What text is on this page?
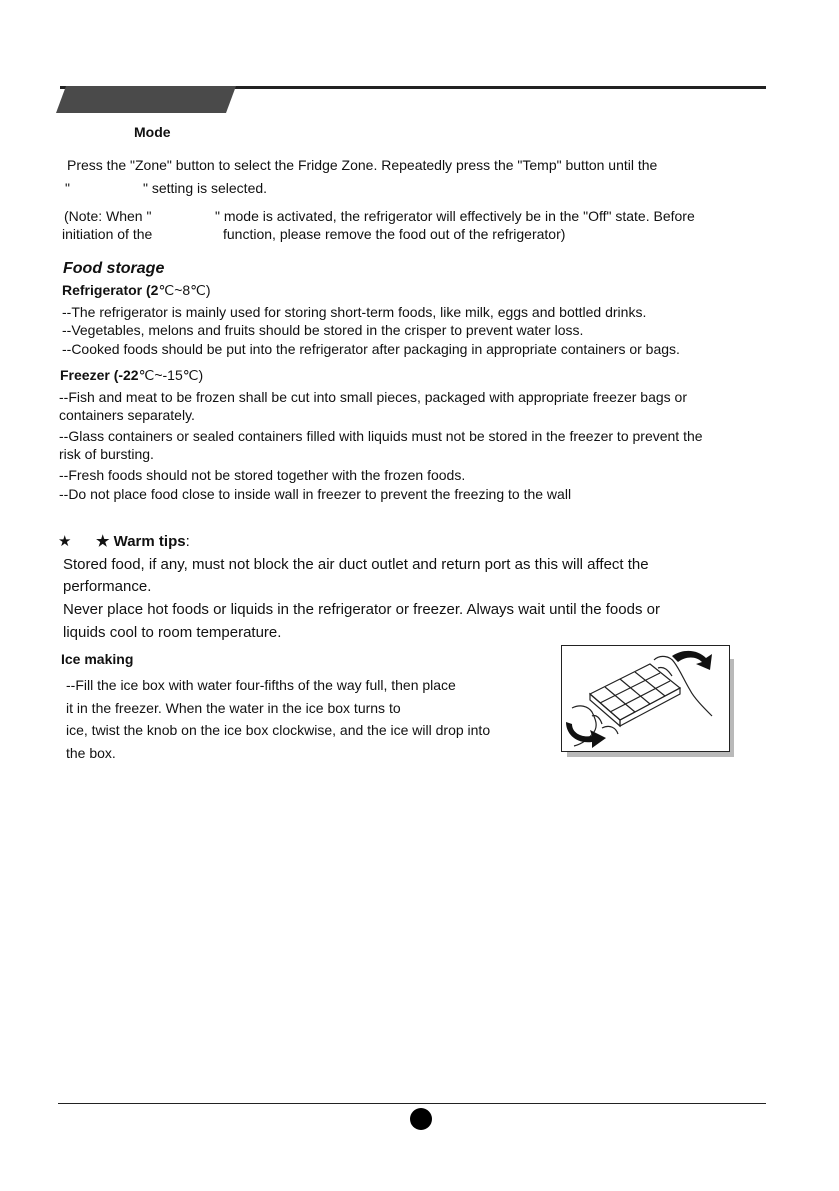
Mode
Press the "Zone" button to select the Fridge Zone. Repeatedly press the "Temp" button until the
"	" setting is selected.
(Note: When "	" mode is activated, the refrigerator will effectively be in the "Off" state. Before
initiation of the	function, please remove the food out of the refrigerator)
Food storage
Refrigerator (2℃~8℃)
--The refrigerator is mainly used for storing short-term foods, like milk, eggs and bottled drinks.
--Vegetables, melons and fruits should be stored in the crisper to prevent water loss.
--Cooked foods should be put into the refrigerator after packaging in appropriate containers or bags.
Freezer (-22℃~-15℃)
--Fish and meat to be frozen shall be cut into small pieces, packaged with appropriate freezer bags or
containers separately.
--Glass containers or sealed containers filled with liquids must not be stored in the freezer to prevent the
risk of bursting.
--Fresh foods should not be stored together with the frozen foods.
--Do not place food close to inside wall in freezer to prevent the freezing to the wall
★ ★ Warm tips:
Stored food, if any, must not block the air duct outlet and return port as this will affect the
performance.
Never place hot foods or liquids in the refrigerator or freezer. Always wait until the foods or
liquids cool to room temperature.
Ice making
--Fill the ice box with water four-fifths of the way full, then place
it in the freezer. When the water in the ice box turns to
ice, twist the knob on the ice box clockwise, and the ice will drop into
the box.
